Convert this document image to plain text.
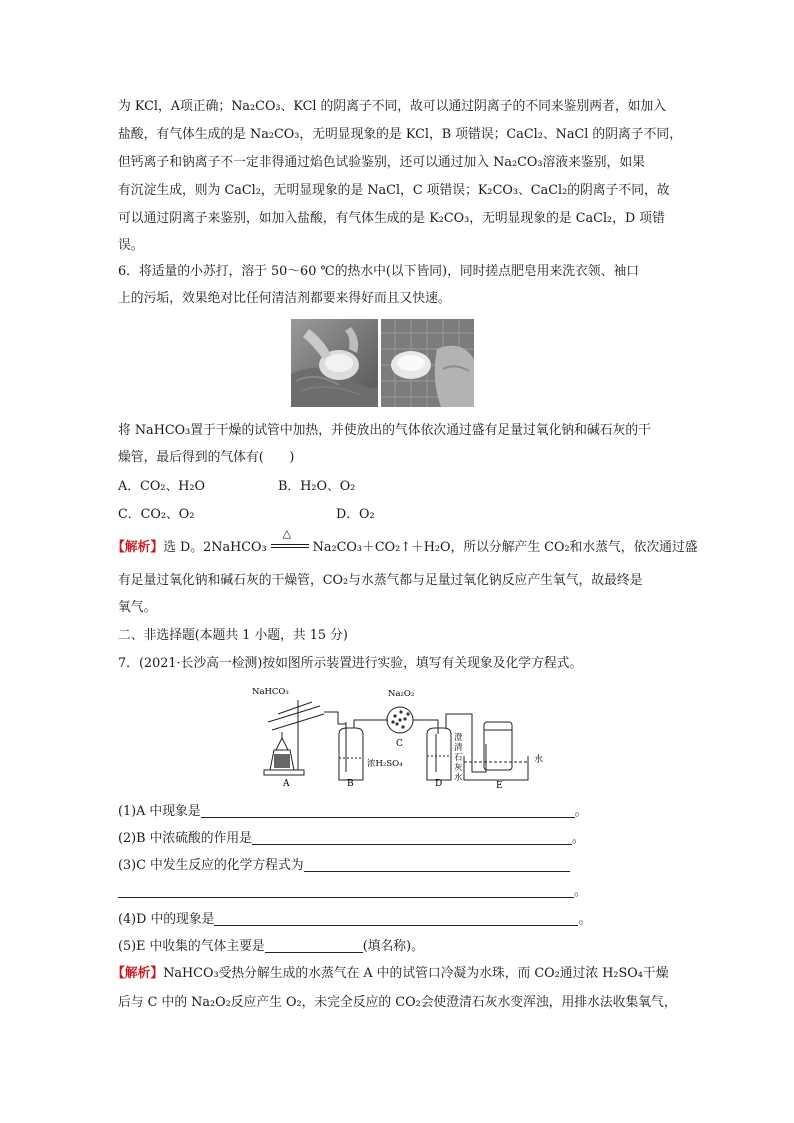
为 KCl，A项正确；Na₂CO₃、KCl 的阴离子不同，故可以通过阴离子的不同来鉴别两者，如加入
盐酸，有气体生成的是 Na₂CO₃，无明显现象的是 KCl，B 项错误；CaCl₂、NaCl 的阴离子不同，
但钙离子和钠离子不一定非得通过焰色试验鉴别，还可以通过加入 Na₂CO₃溶液来鉴别，如果
有沉淀生成，则为 CaCl₂，无明显现象的是 NaCl，C 项错误；K₂CO₃、CaCl₂的阴离子不同，故
可以通过阴离子来鉴别，如加入盐酸，有气体生成的是 K₂CO₃，无明显现象的是 CaCl₂，D 项错
误。
6．将适量的小苏打，溶于 50～60 ℃的热水中(以下皆同)，同时搓点肥皂用来洗衣领、袖口
上的污垢，效果绝对比任何清洁剂都要来得好而且又快速。
将 NaHCO₃置于干燥的试管中加热，并使放出的气体依次通过盛有足量过氧化钠和碱石灰的干
燥管，最后得到的气体有(　　)
A．CO₂、H₂O	B．H₂O、O₂
C．CO₂、O₂	D．O₂
【解析】选 D。2NaHCO₃
△
Na₂CO₃＋CO₂↑＋H₂O，所以分解产生 CO₂和水蒸气，依次通过盛
有足量过氧化钠和碱石灰的干燥管，CO₂与水蒸气都与足量过氧化钠反应产生氧气，故最终是
氧气。
二、非选择题(本题共 1 小题，共 15 分)
7．(2021·长沙高一检测)按如图所示装置进行实验，填写有关现象及化学方程式。
NaHCO₃	Na₂O₂
浓H₂SO₄
澄
清
石
灰
水
水
A	B
C
D	E
(1)A 中现象是	。
(2)B 中浓硫酸的作用是	。
(3)C 中发生反应的化学方程式为
。
(4)D 中的现象是	。
(5)E 中收集的气体主要是	(填名称)。
【解析】NaHCO₃受热分解生成的水蒸气在 A 中的试管口冷凝为水珠，而 CO₂通过浓 H₂SO₄干燥
后与 C 中的 Na₂O₂反应产生 O₂，未完全反应的 CO₂会使澄清石灰水变浑浊，用排水法收集氧气，
